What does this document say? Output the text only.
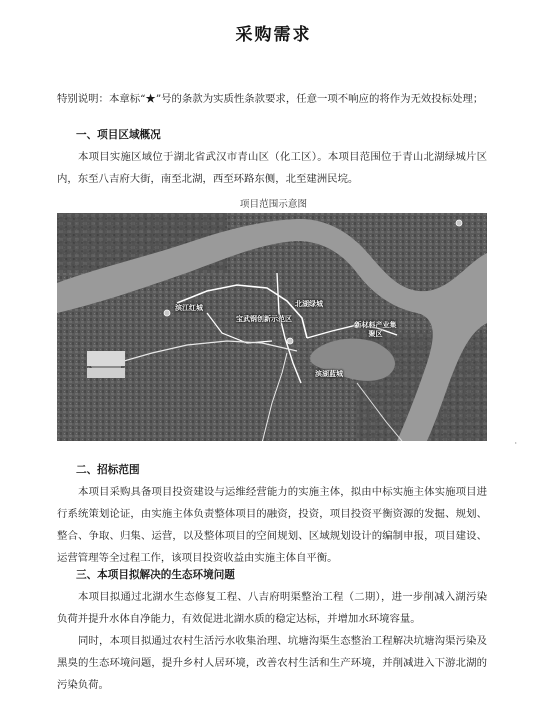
采购需求

特别说明：本章标“★”号的条款为实质性条款要求，任意一项不响应的将作为无效投标处理；

一、项目区域概况

本项目实施区域位于湖北省武汉市青山区（化工区）。本项目范围位于青山北湖绿城片区内，东至八吉府大街，南至北湖，西至环路东侧，北至建洲民垸。

项目范围示意图
滨江红城
宝武钢创新示范区
北湖绿城
新材料产业集聚区
滨湖蓝城
·
二、招标范围

本项目采购具备项目投资建设与运维经营能力的实施主体，拟由中标实施主体实施项目进行系统策划论证，由实施主体负责整体项目的融资，投资，项目投资平衡资源的发掘、规划、整合、争取、归集、运营，以及整体项目的空间规划、区域规划设计的编制申报，项目建设、运营管理等全过程工作，该项目投资收益由实施主体自平衡。

三、本项目拟解决的生态环境问题

本项目拟通过北湖水生态修复工程、八吉府明渠整治工程（二期），进一步削减入湖污染负荷并提升水体自净能力，有效促进北湖水质的稳定达标，并增加水环境容量。

同时，本项目拟通过农村生活污水收集治理、坑塘沟渠生态整治工程解决坑塘沟渠污染及黑臭的生态环境问题，提升乡村人居环境，改善农村生活和生产环境，并削减进入下游北湖的污染负荷。
